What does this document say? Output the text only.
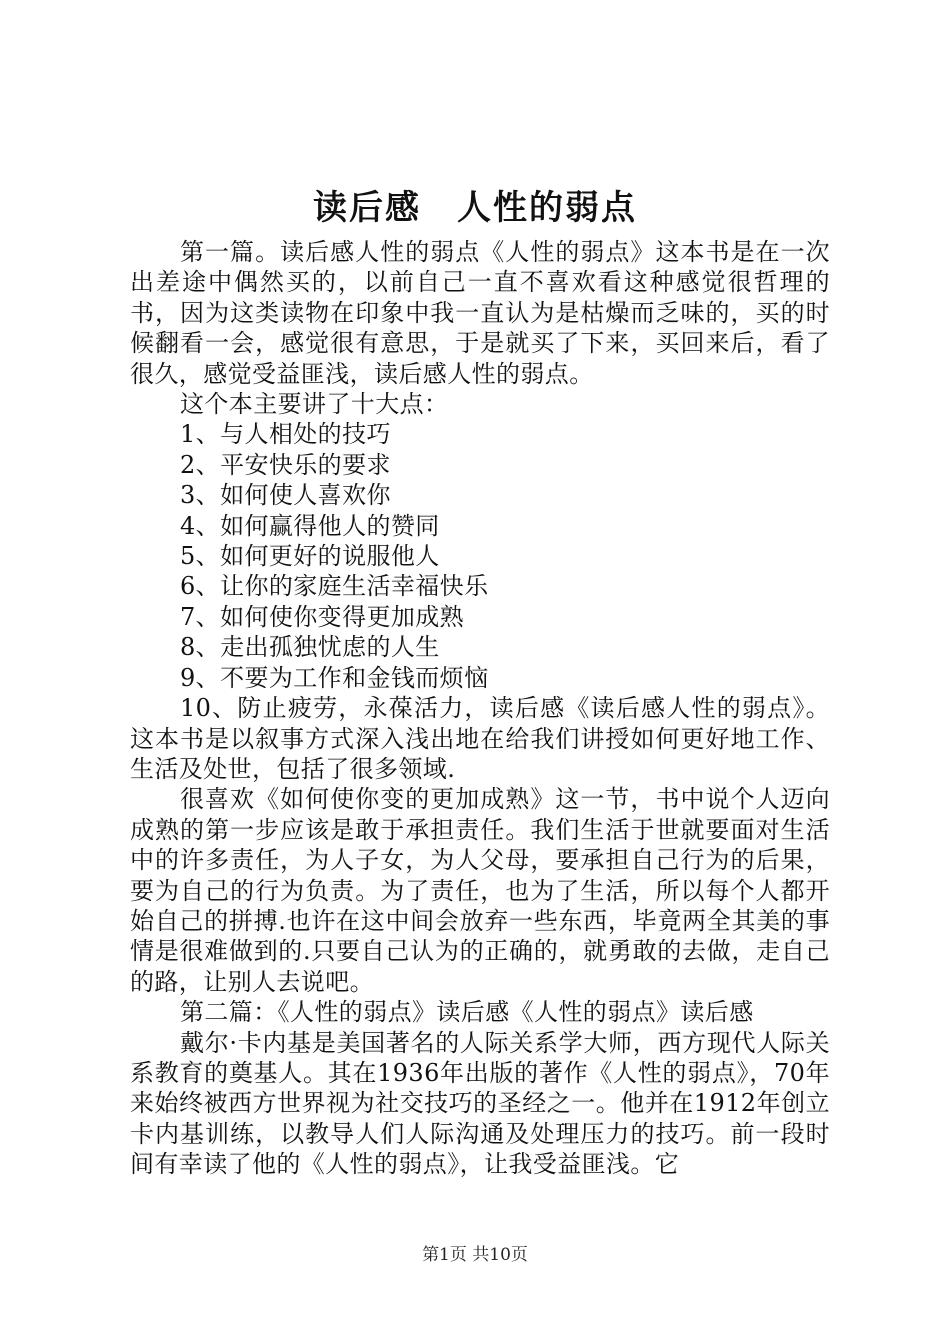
读后感　人性的弱点

第一篇。读后感人性的弱点《人性的弱点》这本书是在一次出差途中偶然买的，以前自己一直不喜欢看这种感觉很哲理的书，因为这类读物在印象中我一直认为是枯燥而乏味的，买的时候翻看一会，感觉很有意思，于是就买了下来，买回来后，看了很久，感觉受益匪浅，读后感人性的弱点。

这个本主要讲了十大点：

1、与人相处的技巧

2、平安快乐的要求

3、如何使人喜欢你

4、如何赢得他人的赞同

5、如何更好的说服他人

6、让你的家庭生活幸福快乐

7、如何使你变得更加成熟

8、走出孤独忧虑的人生

9、不要为工作和金钱而烦恼

10、防止疲劳，永葆活力，读后感《读后感人性的弱点》。这本书是以叙事方式深入浅出地在给我们讲授如何更好地工作、生活及处世，包括了很多领域.

很喜欢《如何使你变的更加成熟》这一节，书中说个人迈向成熟的第一步应该是敢于承担责任。我们生活于世就要面对生活中的许多责任，为人子女，为人父母，要承担自己行为的后果，要为自己的行为负责。为了责任，也为了生活，所以每个人都开始自己的拼搏.也许在这中间会放弃一些东西，毕竟两全其美的事情是很难做到的.只要自己认为的正确的，就勇敢的去做，走自己的路，让别人去说吧。

第二篇：《人性的弱点》读后感《人性的弱点》读后感

戴尔·卡内基是美国著名的人际关系学大师，西方现代人际关系教育的奠基人。其在1936年出版的著作《人性的弱点》，70年来始终被西方世界视为社交技巧的圣经之一。他并在1912年创立卡内基训练，以教导人们人际沟通及处理压力的技巧。前一段时间有幸读了他的《人性的弱点》，让我受益匪浅。它

第1页 共10页
